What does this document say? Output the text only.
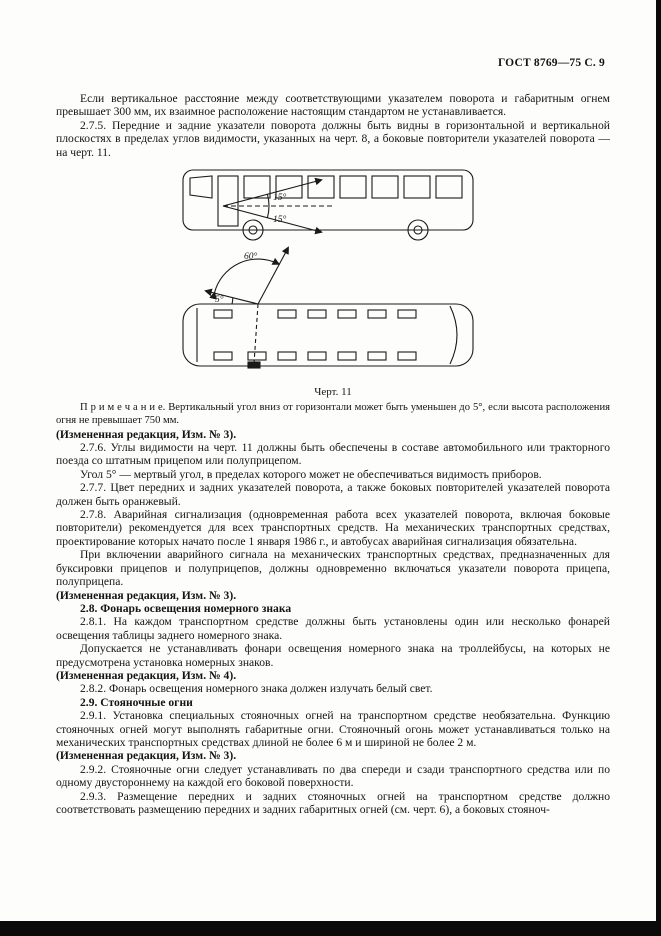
ГОСТ 8769—75 С. 9

Если вертикальное расстояние между соответствующими указателем поворота и габаритным огнем превышает 300 мм, их взаимное расположение настоящим стандартом не устанавливается.

2.7.5. Передние и задние указатели поворота должны быть видны в горизонтальной и вертикальной плоскостях в пределах углов видимости, указанных на черт. 8, а боковые повторители указателей поворота — на черт. 11.

15°
15°
60°
5°
Черт. 11

П р и м е ч а н и е. Вертикальный угол вниз от горизонтали может быть уменьшен до 5°, если высота расположения огня не превышает 750 мм.

(Измененная редакция, Изм. № 3).

2.7.6. Углы видимости на черт. 11 должны быть обеспечены в составе автомобильного или тракторного поезда со штатным прицепом или полуприцепом.

Угол 5° — мертвый угол, в пределах которого может не обеспечиваться видимость приборов.

2.7.7. Цвет передних и задних указателей поворота, а также боковых повторителей указателей поворота должен быть оранжевый.

2.7.8. Аварийная сигнализация (одновременная работа всех указателей поворота, включая боковые повторители) рекомендуется для всех транспортных средств. На механических транспортных средствах, проектирование которых начато после 1 января 1986 г., и автобусах аварийная сигнализация обязательна.

При включении аварийного сигнала на механических транспортных средствах, предназначенных для буксировки прицепов и полуприцепов, должны одновременно включаться указатели поворота прицепа, полуприцепа.

(Измененная редакция, Изм. № 3).

2.8. Фонарь освещения номерного знака

2.8.1. На каждом транспортном средстве должны быть установлены один или несколько фонарей освещения таблицы заднего номерного знака.

Допускается не устанавливать фонари освещения номерного знака на троллейбусы, на которых не предусмотрена установка номерных знаков.

(Измененная редакция, Изм. № 4).

2.8.2. Фонарь освещения номерного знака должен излучать белый свет.

2.9. Стояночные огни

2.9.1. Установка специальных стояночных огней на транспортном средстве необязательна. Функцию стояночных огней могут выполнять габаритные огни. Стояночный огонь может устанавливаться только на механических транспортных средствах длиной не более 6 м и шириной не более 2 м.

(Измененная редакция, Изм. № 3).

2.9.2. Стояночные огни следует устанавливать по два спереди и сзади транспортного средства или по одному двустороннему на каждой его боковой поверхности.

2.9.3. Размещение передних и задних стояночных огней на транспортном средстве должно соответствовать размещению передних и задних габаритных огней (см. черт. 6), а боковых стояноч-
